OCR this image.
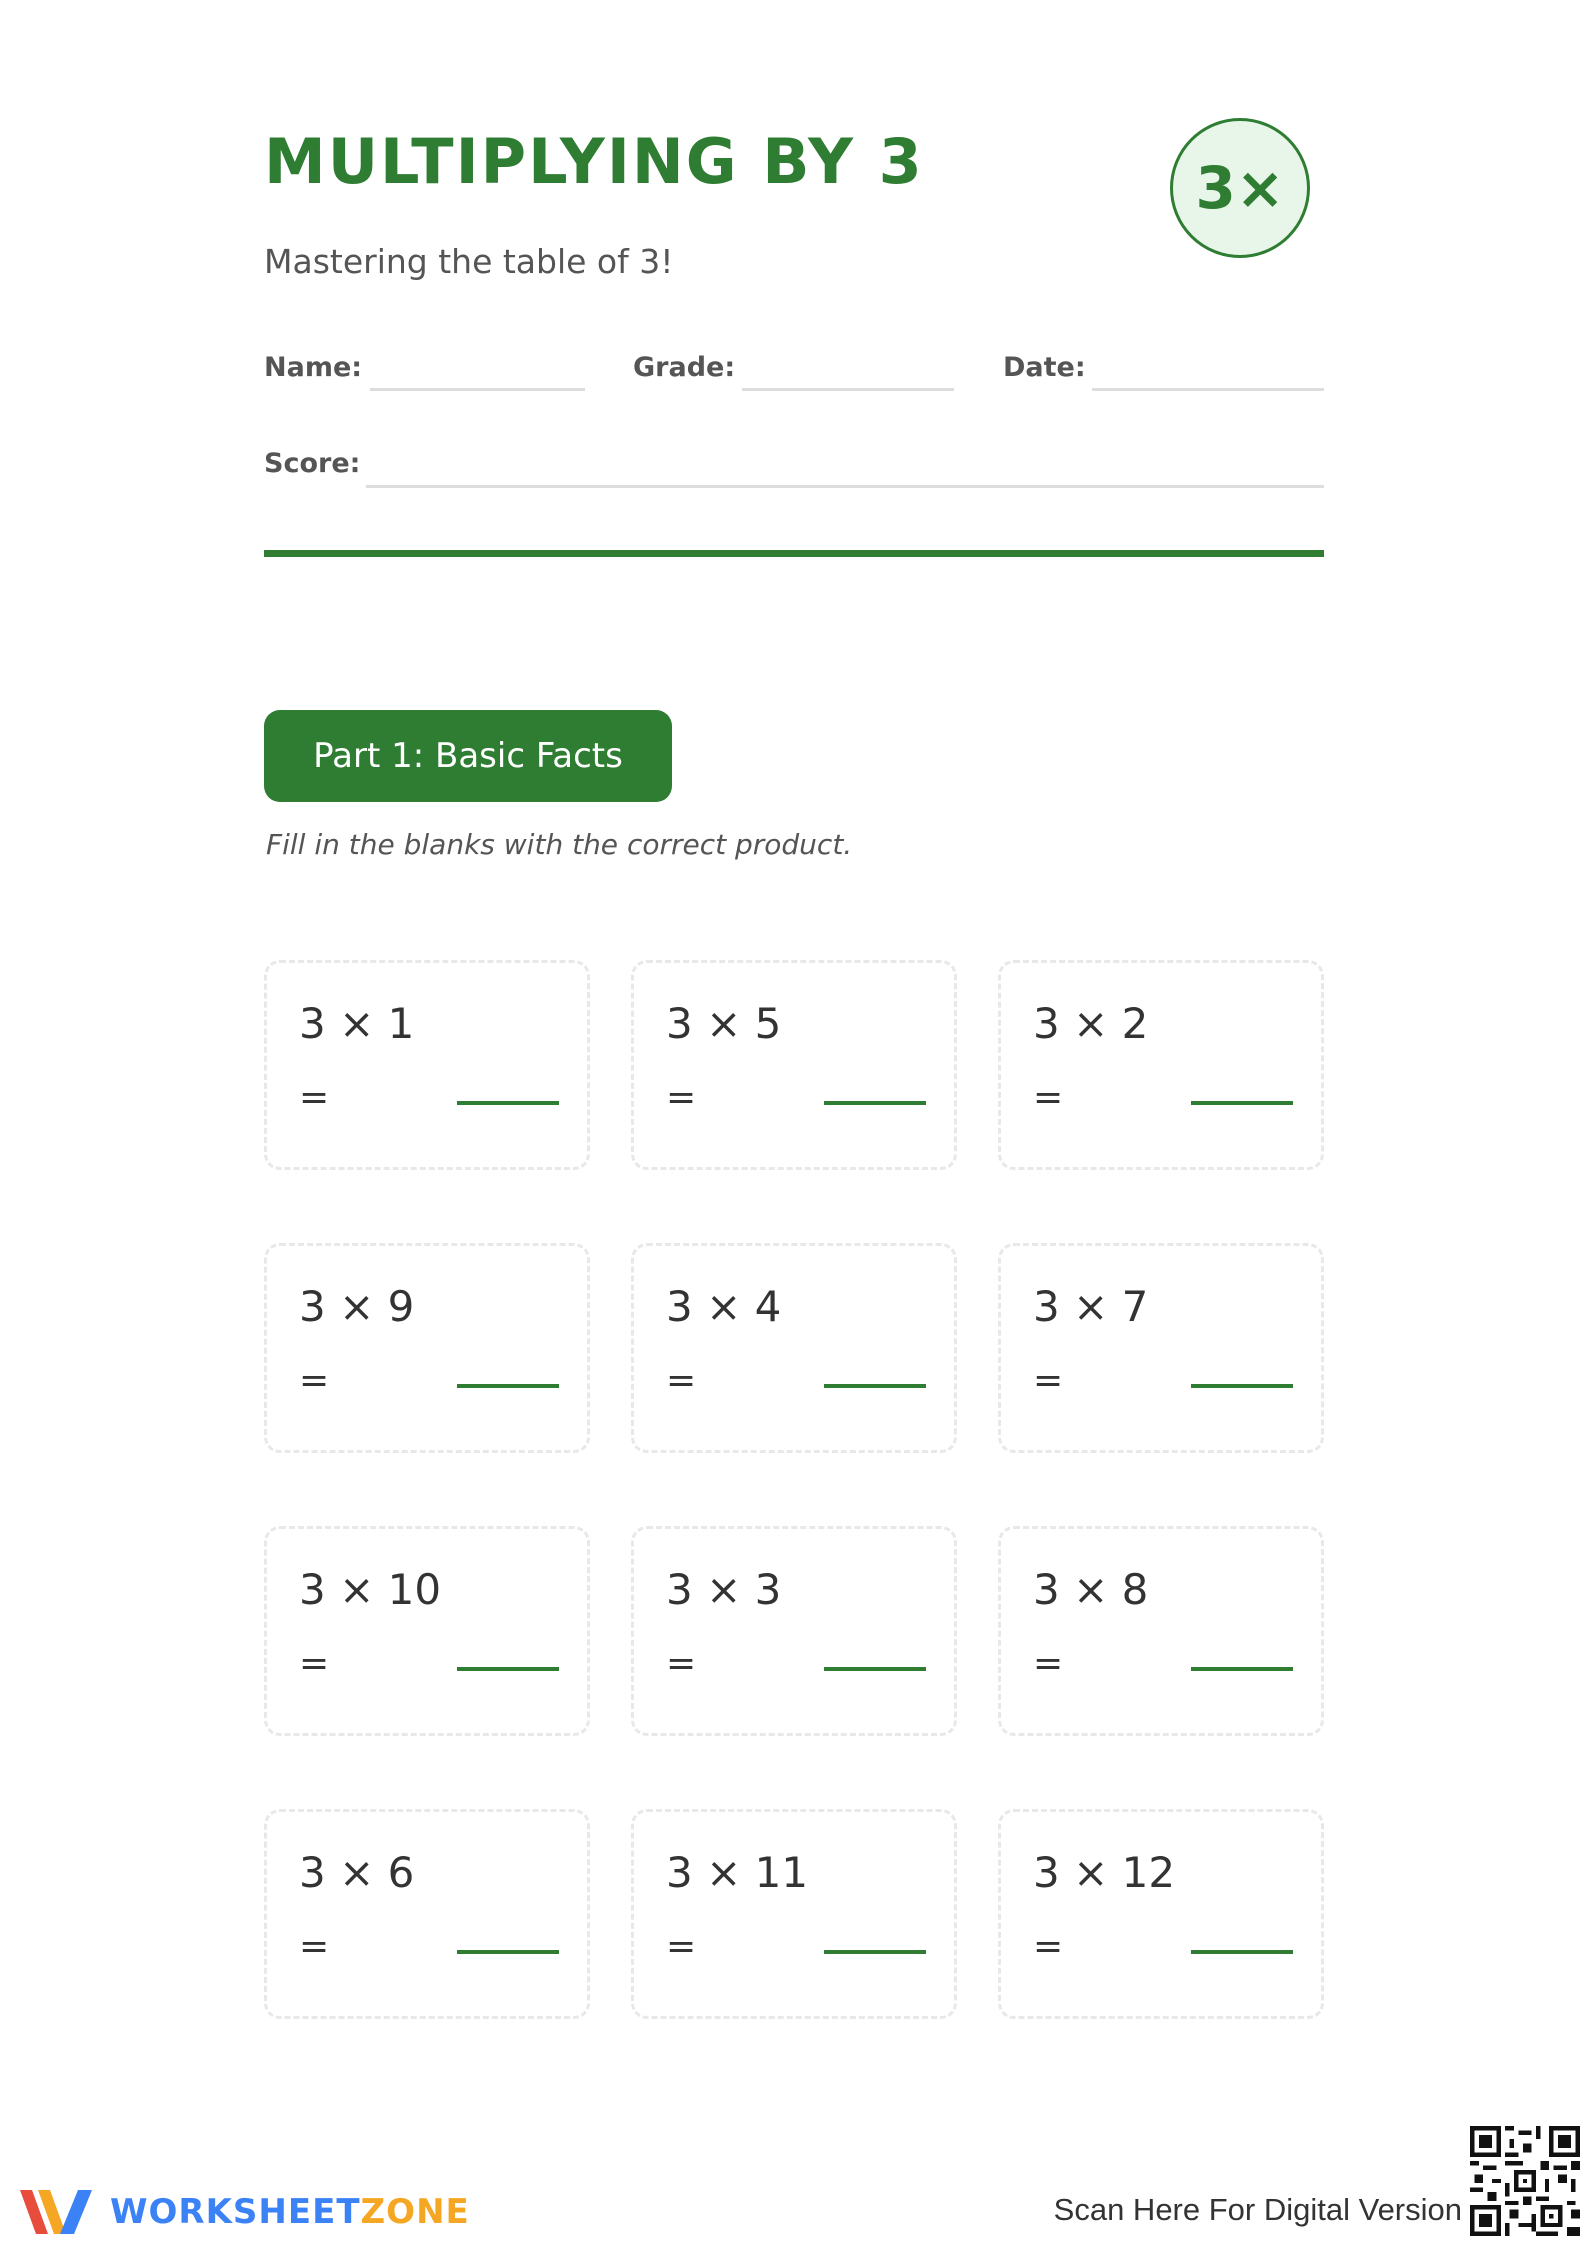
MULTIPLYING BY 3	3×
Mastering the table of 3!
Name:	Grade:	Date:
Score:
Part 1: Basic Facts
Fill in the blanks with the correct product.
3 × 1
=
3 × 5
=
3 × 2
=
3 × 9
=
3 × 4
=
3 × 7
=
3 × 10
=
3 × 3
=
3 × 8
=
3 × 6
=
3 × 11
=
3 × 12
=
WORKSHEETZONE	Scan Here For Digital Version
